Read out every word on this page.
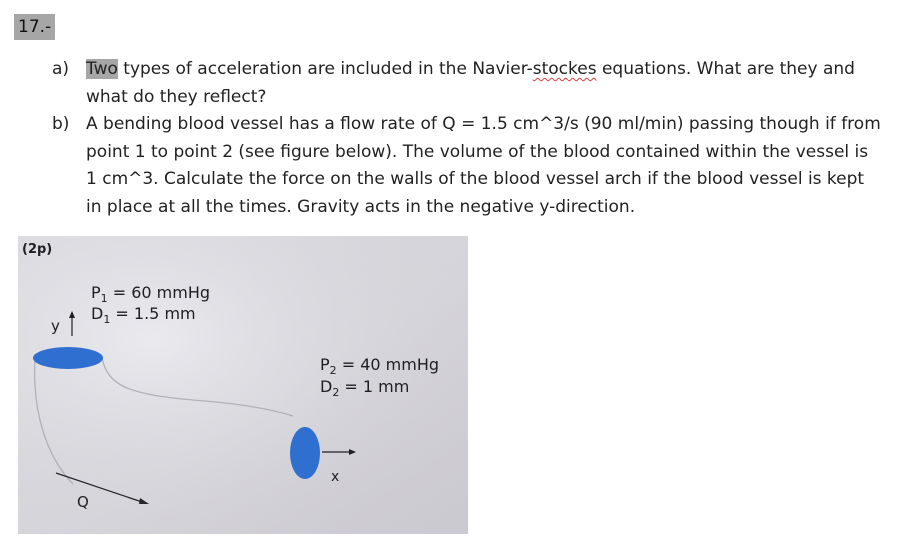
17.-
a) Two types of acceleration are included in the Navier-stockes equations. What are they and what do they reflect?
b) A bending blood vessel has a flow rate of Q = 1.5 cm^3/s (90 ml/min) passing though if from point 1 to point 2 (see figure below). The volume of the blood contained within the vessel is 1 cm^3. Calculate the force on the walls of the blood vessel arch if the blood vessel is kept in place at all the times. Gravity acts in the negative y-direction.
(2p)
y
x
Q
$P_1 = 60$ mmHg
$D_1 = 1.5$ mm
$P_2 = 40$ mmHg
$D_2 = 1$ mm
